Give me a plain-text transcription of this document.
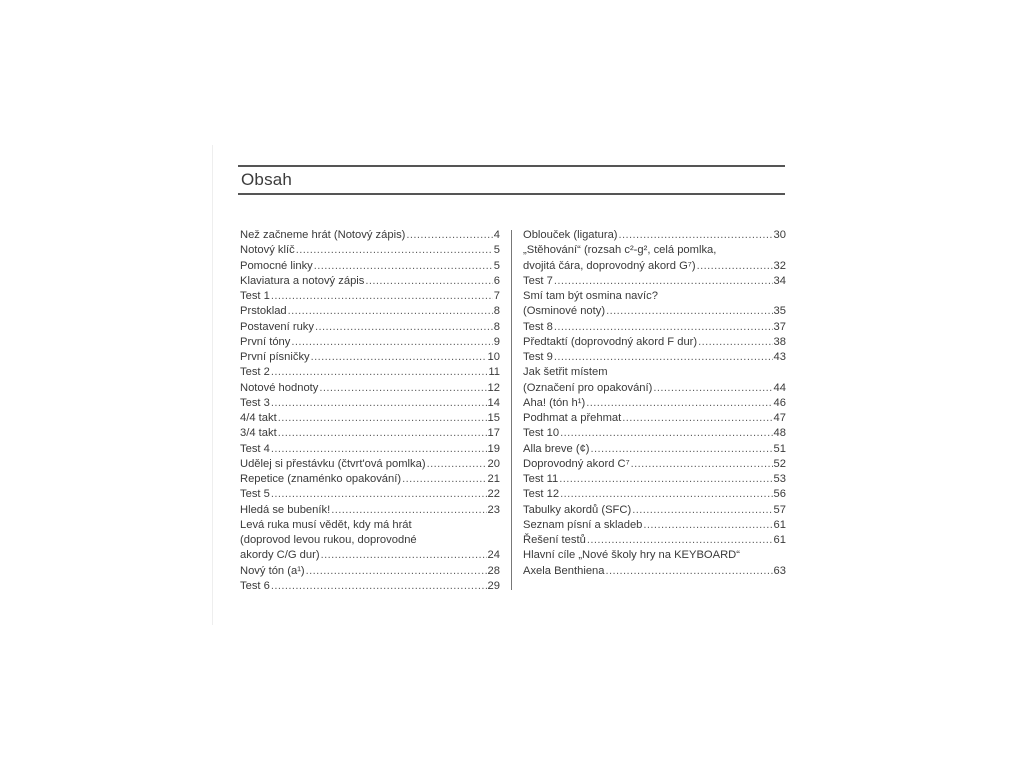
Obsah
Než začneme hrát (Notový zápis) .....	4
Notový klíč .....	5
Pomocné linky .....	5
Klaviatura a notový zápis .....	6
Test 1 .....	7
Prstoklad .....	8
Postavení ruky .....	8
První tóny .....	9
První písničky .....	10
Test 2 .....	11
Notové hodnoty .....	12
Test 3 .....	14
4/4 takt .....	15
3/4 takt .....	17
Test 4 .....	19
Udělej si přestávku (čtvrt'ová pomlka) .....	20
Repetice (znaménko opakování) .....	21
Test 5 .....	22
Hledá se bubeník! .....	23
Levá ruka musí vědět, kdy má hrát
(doprovod levou rukou, doprovodné
akordy C/G dur) .....	24
Nový tón (a¹) .....	28
Test 6 .....	29
Oblouček (ligatura) .....	30
„Stěhování“ (rozsah c²-g², celá pomlka,
dvojitá čára, doprovodný akord G⁷) .....	32
Test 7 .....	34
Smí tam být osmina navíc?
(Osminové noty) .....	35
Test 8 .....	37
Předtaktí (doprovodný akord F dur) .....	38
Test 9 .....	43
Jak šetřit místem
(Označení pro opakování) .....	44
Aha! (tón h¹) .....	46
Podhmat a přehmat .....	47
Test 10 .....	48
Alla breve (¢) .....	51
Doprovodný akord C⁷ .....	52
Test 11 .....	53
Test 12 .....	56
Tabulky akordů (SFC) .....	57
Seznam písní a skladeb .....	61
Řešení testů .....	61
Hlavní cíle „Nové školy hry na KEYBOARD“
Axela Benthiena .....	63
